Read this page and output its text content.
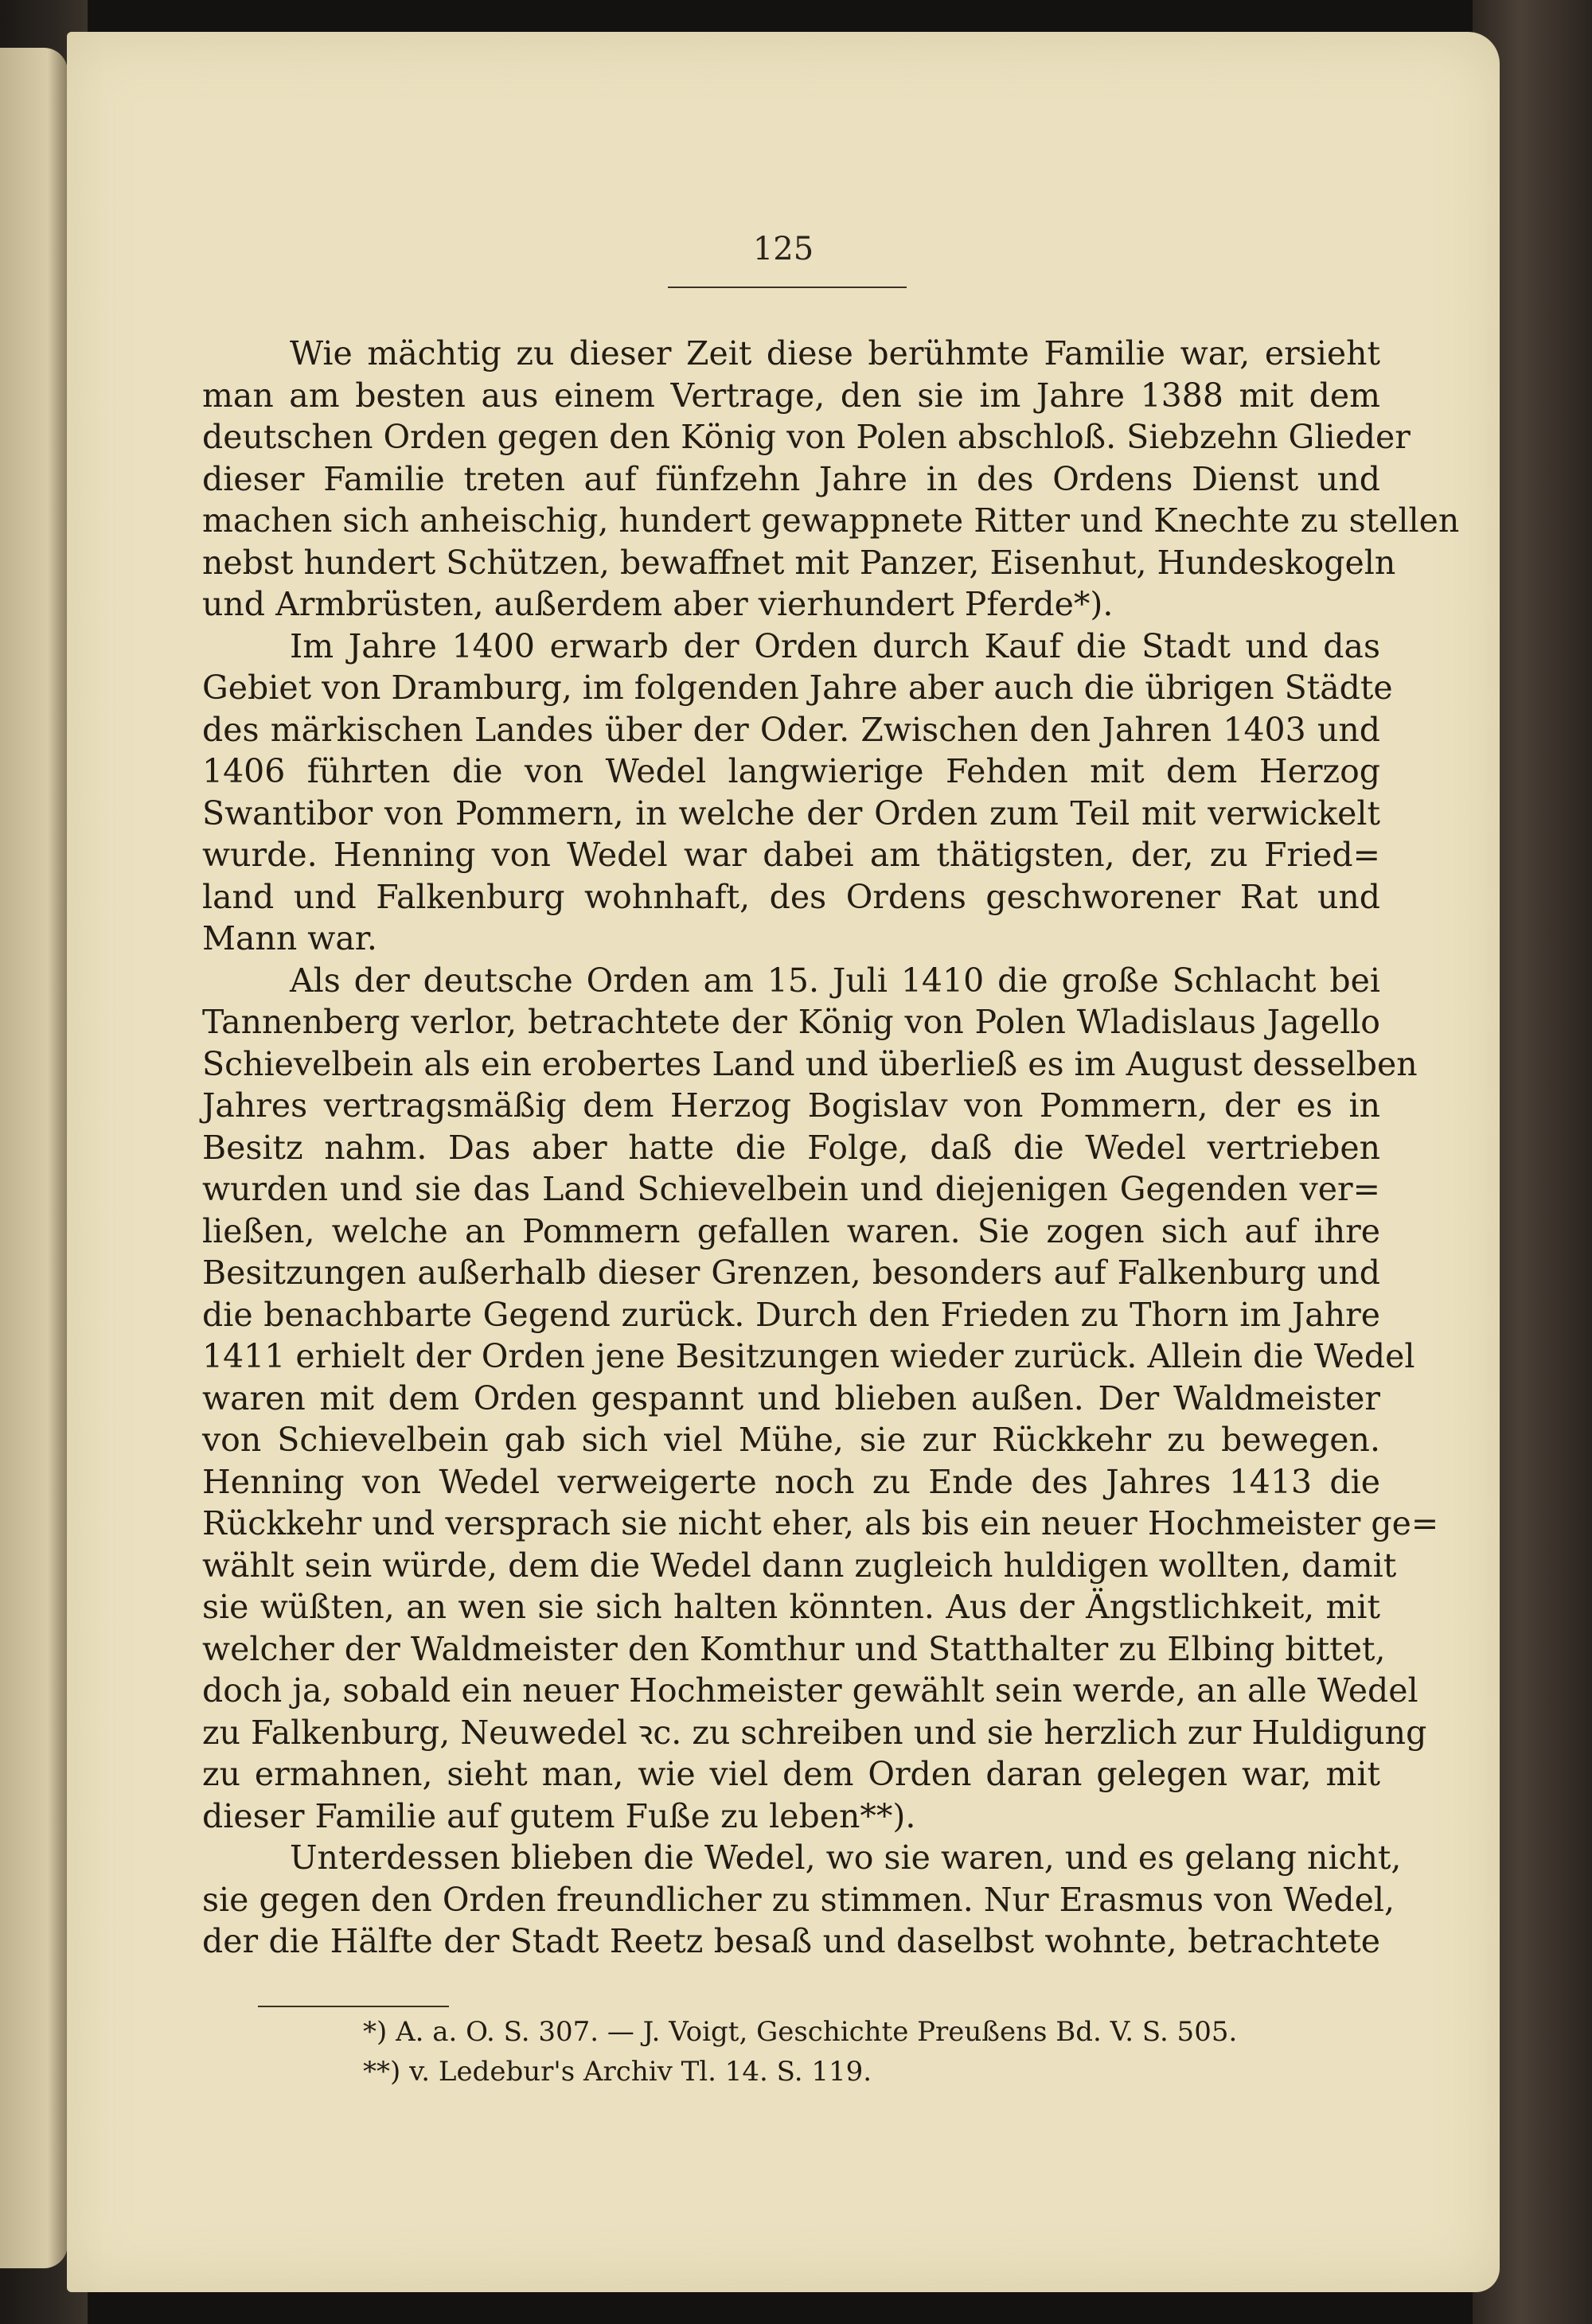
125
Wie mächtig zu dieser Zeit diese berühmte Familie war, ersieht
man am besten aus einem Vertrage, den sie im Jahre 1388 mit dem
deutschen Orden gegen den König von Polen abschloß. Siebzehn Glieder
dieser Familie treten auf fünfzehn Jahre in des Ordens Dienst und
machen sich anheischig, hundert gewappnete Ritter und Knechte zu stellen
nebst hundert Schützen, bewaffnet mit Panzer, Eisenhut, Hundeskogeln
und Armbrüsten, außerdem aber vierhundert Pferde*).
Im Jahre 1400 erwarb der Orden durch Kauf die Stadt und das
Gebiet von Dramburg, im folgenden Jahre aber auch die übrigen Städte
des märkischen Landes über der Oder. Zwischen den Jahren 1403 und
1406 führten die von Wedel langwierige Fehden mit dem Herzog
Swantibor von Pommern, in welche der Orden zum Teil mit verwickelt
wurde. Henning von Wedel war dabei am thätigsten, der, zu Fried=
land und Falkenburg wohnhaft, des Ordens geschworener Rat und
Mann war.
Als der deutsche Orden am 15. Juli 1410 die große Schlacht bei
Tannenberg verlor, betrachtete der König von Polen Wladislaus Jagello
Schievelbein als ein erobertes Land und überließ es im August desselben
Jahres vertragsmäßig dem Herzog Bogislav von Pommern, der es in
Besitz nahm. Das aber hatte die Folge, daß die Wedel vertrieben
wurden und sie das Land Schievelbein und diejenigen Gegenden ver=
ließen, welche an Pommern gefallen waren. Sie zogen sich auf ihre
Besitzungen außerhalb dieser Grenzen, besonders auf Falkenburg und
die benachbarte Gegend zurück. Durch den Frieden zu Thorn im Jahre
1411 erhielt der Orden jene Besitzungen wieder zurück. Allein die Wedel
waren mit dem Orden gespannt und blieben außen. Der Waldmeister
von Schievelbein gab sich viel Mühe, sie zur Rückkehr zu bewegen.
Henning von Wedel verweigerte noch zu Ende des Jahres 1413 die
Rückkehr und versprach sie nicht eher, als bis ein neuer Hochmeister ge=
wählt sein würde, dem die Wedel dann zugleich huldigen wollten, damit
sie wüßten, an wen sie sich halten könnten. Aus der Ängstlichkeit, mit
welcher der Waldmeister den Komthur und Statthalter zu Elbing bittet,
doch ja, sobald ein neuer Hochmeister gewählt sein werde, an alle Wedel
zu Falkenburg, Neuwedel ꝛc. zu schreiben und sie herzlich zur Huldigung
zu ermahnen, sieht man, wie viel dem Orden daran gelegen war, mit
dieser Familie auf gutem Fuße zu leben**).
Unterdessen blieben die Wedel, wo sie waren, und es gelang nicht,
sie gegen den Orden freundlicher zu stimmen. Nur Erasmus von Wedel,
der die Hälfte der Stadt Reetz besaß und daselbst wohnte, betrachtete
*) A. a. O. S. 307. — J. Voigt, Geschichte Preußens Bd. V. S. 505.
**) v. Ledebur's Archiv Tl. 14. S. 119.
